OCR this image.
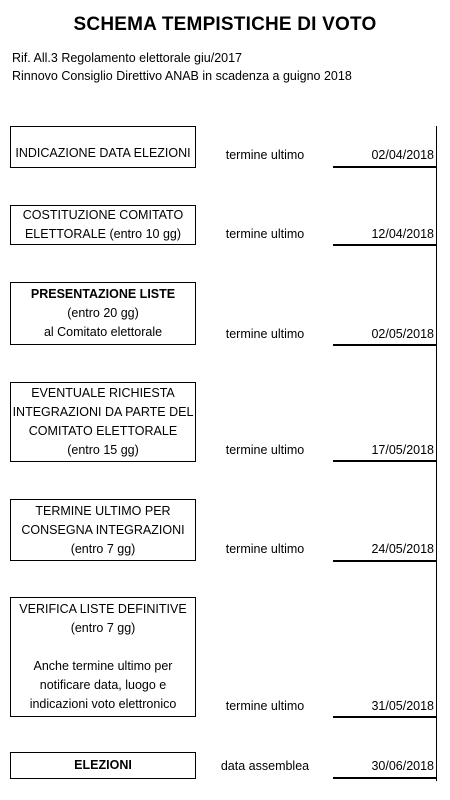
SCHEMA TEMPISTICHE DI VOTO
Rif. All.3 Regolamento elettorale giu/2017
Rinnovo Consiglio Direttivo ANAB in scadenza a guigno 2018
INDICAZIONE DATA ELEZIONI	termine ultimo	02/04/2018
COSTITUZIONE COMITATO
ELETTORALE (entro 10 gg)	termine ultimo	12/04/2018
PRESENTAZIONE LISTE
(entro 20 gg)
al Comitato elettorale	termine ultimo	02/05/2018
EVENTUALE RICHIESTA
INTEGRAZIONI DA PARTE DEL
COMITATO ELETTORALE
(entro 15 gg)	termine ultimo	17/05/2018
TERMINE ULTIMO PER
CONSEGNA INTEGRAZIONI
(entro 7 gg)	termine ultimo	24/05/2018
VERIFICA LISTE DEFINITIVE
(entro 7 gg)
Anche termine ultimo per
notificare data, luogo e
indicazioni voto elettronico	termine ultimo	31/05/2018
ELEZIONI	data assemblea	30/06/2018
